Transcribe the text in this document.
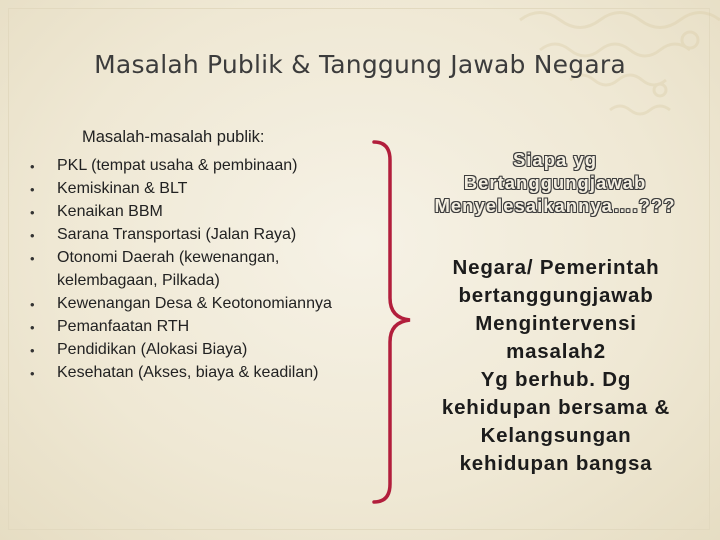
Masalah Publik & Tanggung Jawab Negara
Masalah-masalah publik:
• PKL (tempat usaha & pembinaan)
• Kemiskinan & BLT
• Kenaikan BBM
• Sarana Transportasi (Jalan Raya)
• Otonomi Daerah (kewenangan, kelembagaan, Pilkada)
• Kewenangan Desa & Keotonomiannya
• Pemanfaatan RTH
• Pendidikan (Alokasi Biaya)
• Kesehatan (Akses, biaya & keadilan)
Siapa yg Bertanggungjawab Menyelesaikannya….???
Negara/ Pemerintah
bertanggungjawab
Mengintervensi
masalah2
Yg berhub. Dg
kehidupan bersama &
Kelangsungan
kehidupan bangsa
